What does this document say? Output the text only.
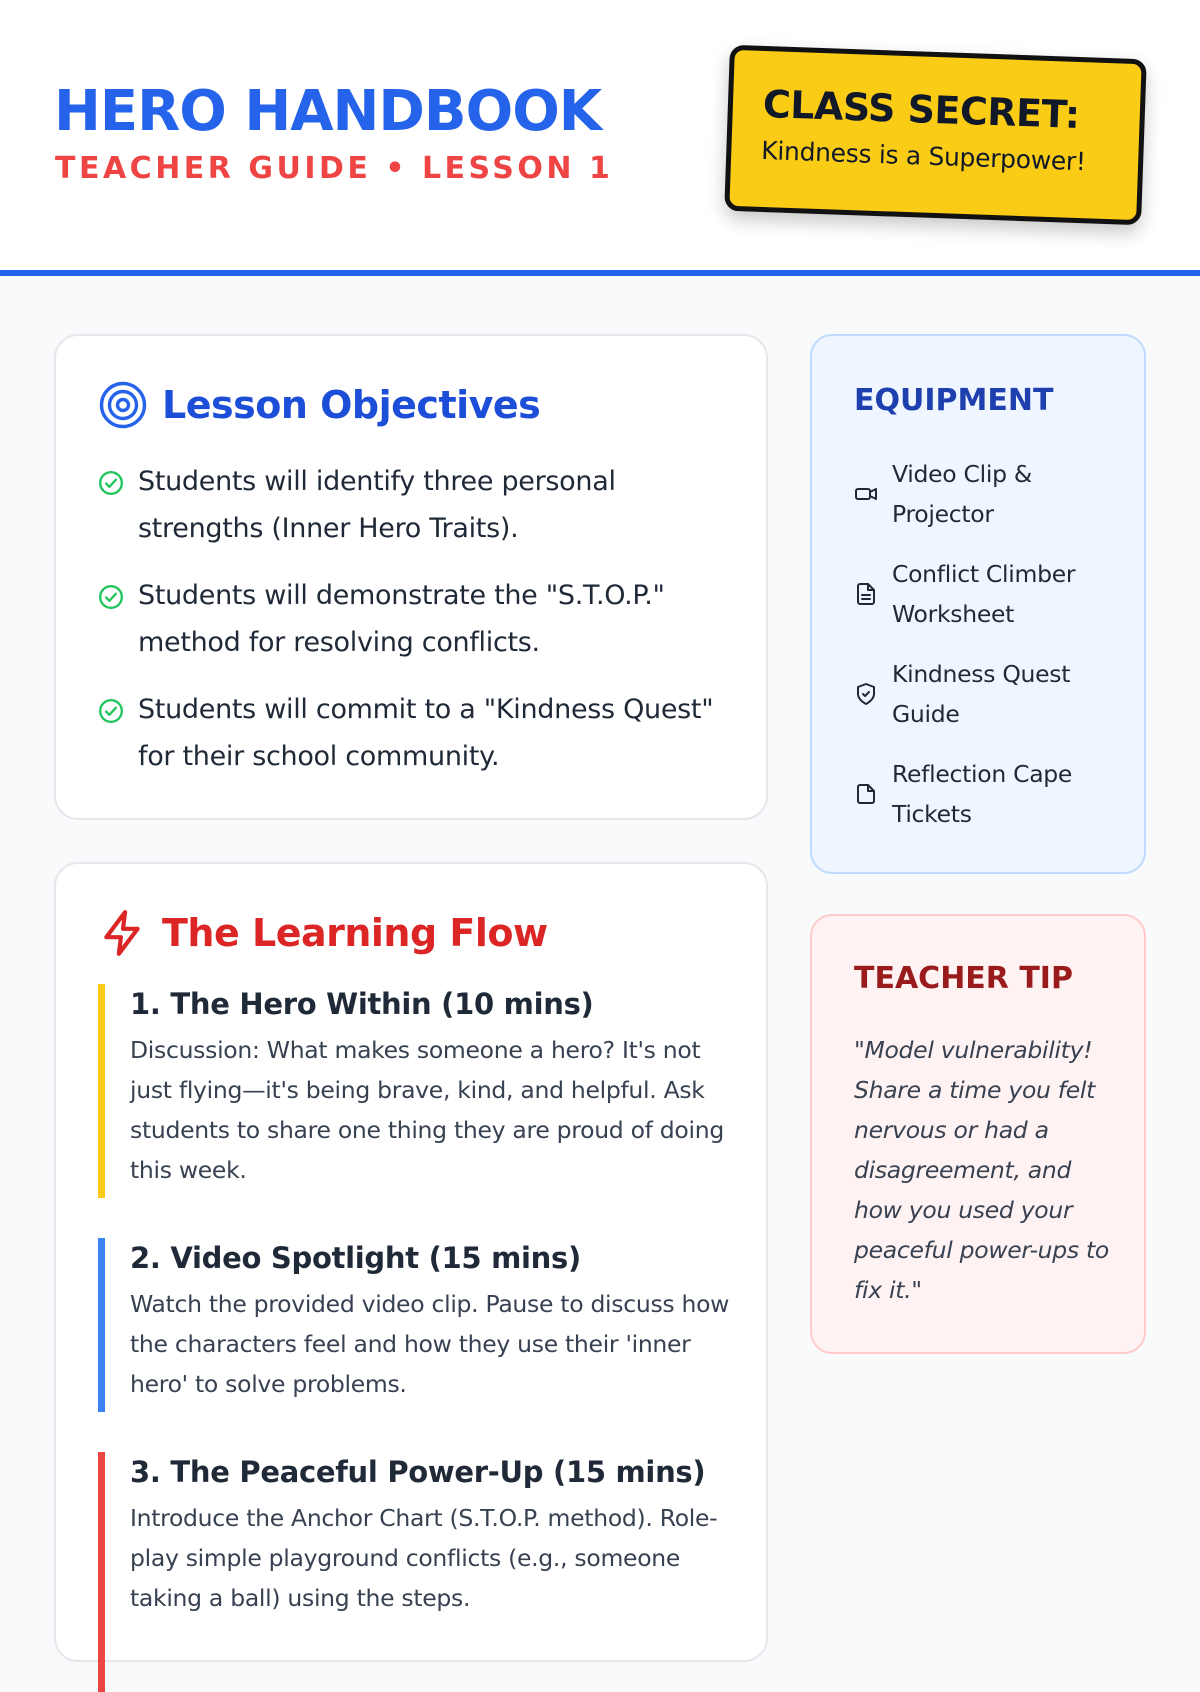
HERO HANDBOOK
TEACHER GUIDE • LESSON 1
CLASS SECRET:
Kindness is a Superpower!
Lesson Objectives
Students will identify three personal strengths (Inner Hero Traits).
Students will demonstrate the "S.T.O.P." method for resolving conflicts.
Students will commit to a "Kindness Quest" for their school community.
The Learning Flow
1. The Hero Within (10 mins)
Discussion: What makes someone a hero? It's not just flying—it's being brave, kind, and helpful. Ask students to share one thing they are proud of doing this week.
2. Video Spotlight (15 mins)
Watch the provided video clip. Pause to discuss how the characters feel and how they use their 'inner hero' to solve problems.
3. The Peaceful Power-Up (15 mins)
Introduce the Anchor Chart (S.T.O.P. method). Role-play simple playground conflicts (e.g., someone taking a ball) using the steps.
EQUIPMENT
Video Clip & Projector
Conflict Climber Worksheet
Kindness Quest Guide
Reflection Cape Tickets
TEACHER TIP
"Model vulnerability! Share a time you felt nervous or had a disagreement, and how you used your peaceful power-ups to fix it."
